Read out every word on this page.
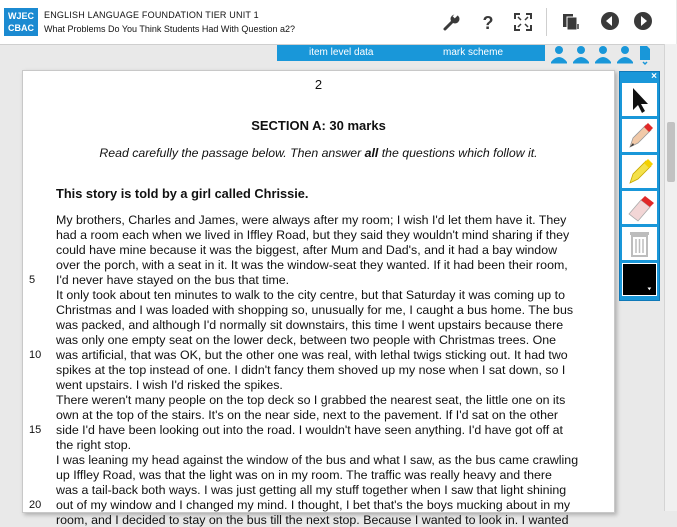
WJEC
CBAC
ENGLISH LANGUAGE FOUNDATION TIER UNIT 1
What Problems Do You Think Students Had With Question a2?	?
item level data	mark scheme
2
SECTION A: 30 marks
Read carefully the passage below. Then answer all the questions which follow it.
This story is told by a girl called Chrissie.
My brothers, Charles and James, were always after my room; I wish I'd let them have it. They
had a room each when we lived in Iffley Road, but they said they wouldn't mind sharing if they
could have mine because it was the biggest, after Mum and Dad's, and it had a bay window
over the porch, with a seat in it. It was the window-seat they wanted. If it had been their room,
I'd never have stayed on the bus that time.
It only took about ten minutes to walk to the city centre, but that Saturday it was coming up to
Christmas and I was loaded with shopping so, unusually for me, I caught a bus home. The bus
was packed, and although I'd normally sit downstairs, this time I went upstairs because there
was only one empty seat on the lower deck, between two people with Christmas trees. One
was artificial, that was OK, but the other one was real, with lethal twigs sticking out. It had two
spikes at the top instead of one. I didn't fancy them shoved up my nose when I sat down, so I
went upstairs. I wish I'd risked the spikes.
There weren't many people on the top deck so I grabbed the nearest seat, the little one on its
own at the top of the stairs. It's on the near side, next to the pavement. If I'd sat on the other
side I'd have been looking out into the road. I wouldn't have seen anything. I'd have got off at
the right stop.
I was leaning my head against the window of the bus and what I saw, as the bus came crawling
up Iffley Road, was that the light was on in my room. The traffic was really heavy and there
was a tail-back both ways. I was just getting all my stuff together when I saw that light shining
out of my window and I changed my mind. I thought, I bet that's the boys mucking about in my
room, and I decided to stay on the bus till the next stop. Because I wanted to look in. I wanted
5
10
15
20
×
